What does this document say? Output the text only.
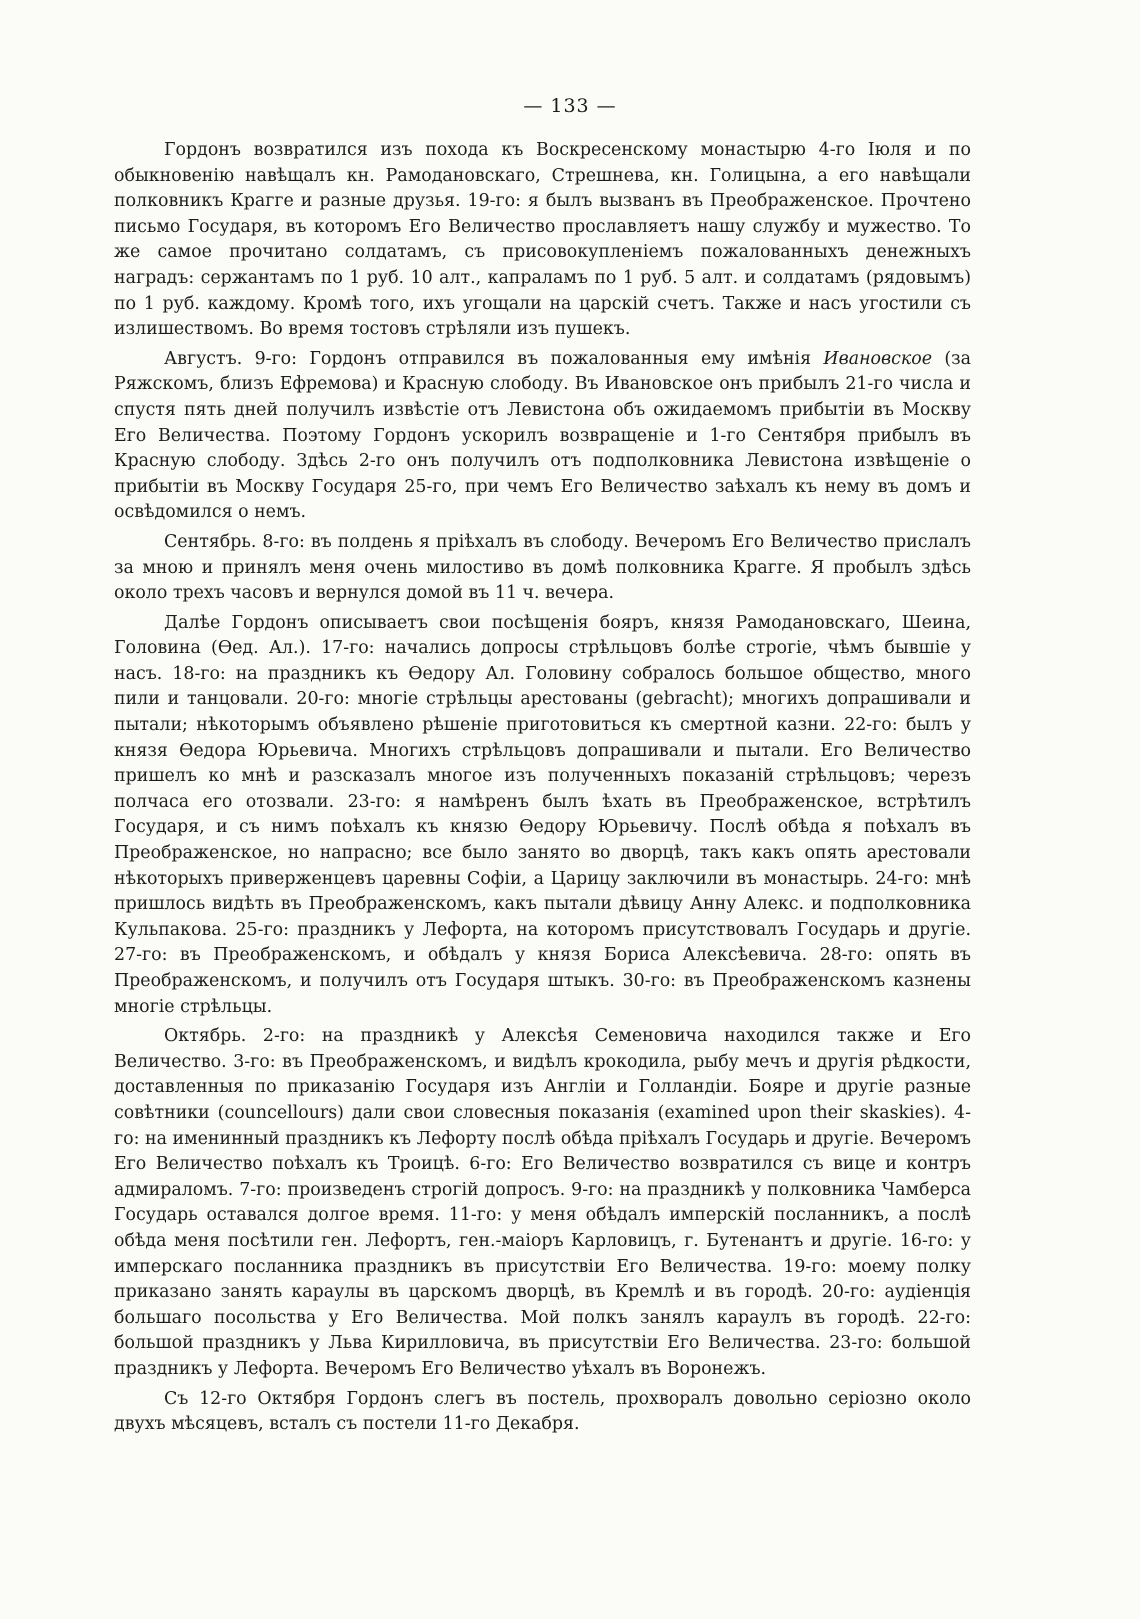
— 133 —

Гордонъ возвратился изъ похода къ Воскресенскому монастырю 4-го Іюля и по обыкновенію навѣщалъ кн. Рамодановскаго, Стрешнева, кн. Голицына, а его навѣщали полковникъ Крагге и разные друзья. 19-го: я былъ вызванъ въ Преображенское. Прочтено письмо Государя, въ которомъ Его Величество прославляетъ нашу службу и мужество. То же самое прочитано солдатамъ, съ присовокупленіемъ пожалованныхъ денежныхъ наградъ: сержантамъ по 1 руб. 10 алт., капраламъ по 1 руб. 5 алт. и солдатамъ (рядовымъ) по 1 руб. каждому. Кромѣ того, ихъ угощали на царскій счетъ. Также и насъ угостили съ излишествомъ. Во время тостовъ стрѣляли изъ пушекъ.

Августъ. 9-го: Гордонъ отправился въ пожалованныя ему имѣнія Ивановское (за Ряжскомъ, близъ Ефремова) и Красную слободу. Въ Ивановское онъ прибылъ 21-го числа и спустя пять дней получилъ извѣстіе отъ Левистона объ ожидаемомъ прибытіи въ Москву Его Величества. Поэтому Гордонъ ускорилъ возвращеніе и 1-го Сентября прибылъ въ Красную слободу. Здѣсь 2-го онъ получилъ отъ подполковника Левистона извѣщеніе о прибытіи въ Москву Государя 25-го, при чемъ Его Величество заѣхалъ къ нему въ домъ и освѣдомился о немъ.

Сентябрь. 8-го: въ полдень я пріѣхалъ въ слободу. Вечеромъ Его Величество прислалъ за мною и принялъ меня очень милостиво въ домѣ полковника Крагге. Я пробылъ здѣсь около трехъ часовъ и вернулся домой въ 11 ч. вечера.

Далѣе Гордонъ описываетъ свои посѣщенія бояръ, князя Рамодановскаго, Шеина, Головина (Ѳед. Ал.). 17-го: начались допросы стрѣльцовъ болѣе строгіе, чѣмъ бывшіе у насъ. 18-го: на праздникъ къ Ѳедору Ал. Головину собралось большое общество, много пили и танцовали. 20-го: многіе стрѣльцы арестованы (gebracht); многихъ допрашивали и пытали; нѣкоторымъ объявлено рѣшеніе приготовиться къ смертной казни. 22-го: былъ у князя Ѳедора Юрьевича. Многихъ стрѣльцовъ допрашивали и пытали. Его Величество пришелъ ко мнѣ и разсказалъ многое изъ полученныхъ показаній стрѣльцовъ; черезъ полчаса его отозвали. 23-го: я намѣренъ былъ ѣхать въ Преображенское, встрѣтилъ Государя, и съ нимъ поѣхалъ къ князю Ѳедору Юрьевичу. Послѣ обѣда я поѣхалъ въ Преображенское, но напрасно; все было занято во дворцѣ, такъ какъ опять арестовали нѣкоторыхъ приверженцевъ царевны Софіи, а Царицу заключили въ монастырь. 24-го: мнѣ пришлось видѣть въ Преображенскомъ, какъ пытали дѣвицу Анну Алекс. и подполковника Кульпакова. 25-го: праздникъ у Лефорта, на которомъ присутствовалъ Государь и другіе. 27-го: въ Преображенскомъ, и обѣдалъ у князя Бориса Алексѣевича. 28-го: опять въ Преображенскомъ, и получилъ отъ Государя штыкъ. 30-го: въ Преображенскомъ казнены многіе стрѣльцы.

Октябрь. 2-го: на праздникѣ у Алексѣя Семеновича находился также и Его Величество. 3-го: въ Преображенскомъ, и видѣлъ крокодила, рыбу мечъ и другія рѣдкости, доставленныя по приказанію Государя изъ Англіи и Голландіи. Бояре и другіе разные совѣтники (councellours) дали свои словесныя показанія (examined upon their skaskies). 4-го: на именинный праздникъ къ Лефорту послѣ обѣда пріѣхалъ Государь и другіе. Вечеромъ Его Величество поѣхалъ къ Троицѣ. 6-го: Его Величество возвратился съ вице и контръ адмираломъ. 7-го: произведенъ строгій допросъ. 9-го: на праздникѣ у полковника Чамберса Государь оставался долгое время. 11-го: у меня обѣдалъ имперскій посланникъ, а послѣ обѣда меня посѣтили ген. Лефортъ, ген.-маіоръ Карловицъ, г. Бутенантъ и другіе. 16-го: у имперскаго посланника праздникъ въ присутствіи Его Величества. 19-го: моему полку приказано занять караулы въ царскомъ дворцѣ, въ Кремлѣ и въ городѣ. 20-го: аудіенція большаго посольства у Его Величества. Мой полкъ занялъ караулъ въ городѣ. 22-го: большой праздникъ у Льва Кирилловича, въ присутствіи Его Величества. 23-го: большой праздникъ у Лефорта. Вечеромъ Его Величество уѣхалъ въ Воронежъ.

Съ 12-го Октября Гордонъ слегъ въ постель, прохворалъ довольно серіозно около двухъ мѣсяцевъ, всталъ съ постели 11-го Декабря.
